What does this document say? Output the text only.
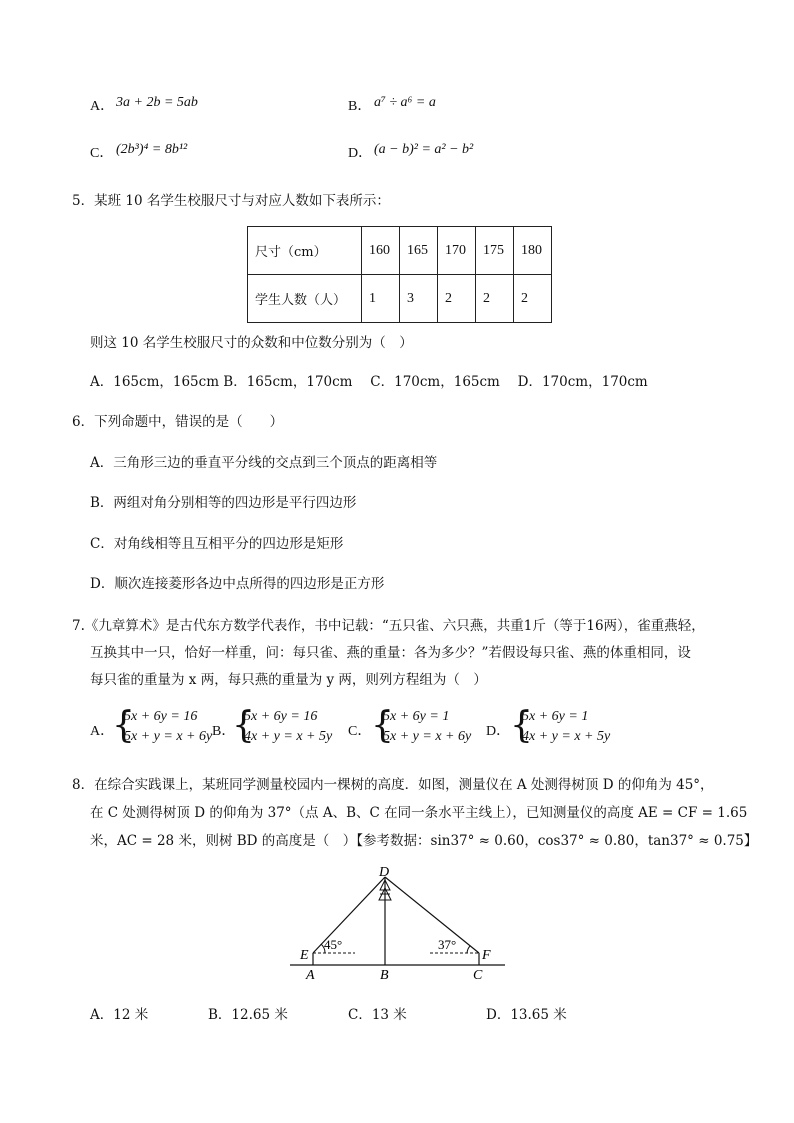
A． 3a + 2b = 5ab	B． a⁷ ÷ a⁶ = a
C． (2b³)⁴ = 8b¹²	D． (a − b)² = a² − b²
5．某班 10 名学生校服尺寸与对应人数如下表所示：
尺寸（cm）	160	165	170	175	180
学生人数（人）	1	3	2	2	2
则这 10 名学生校服尺寸的众数和中位数分别为（　）
A．165cm，165cm B．165cm，170cm　 C．170cm，165cm　 D．170cm，170cm
6．下列命题中，错误的是（　　）
A．三角形三边的垂直平分线的交点到三个顶点的距离相等
B．两组对角分别相等的四边形是平行四边形
C．对角线相等且互相平分的四边形是矩形
D．顺次连接菱形各边中点所得的四边形是正方形
7.《九章算术》是古代东方数学代表作，书中记载：“五只雀、六只燕，共重1斤（等于16两），雀重燕轻，
互换其中一只，恰好一样重，问：每只雀、燕的重量：各为多少？”若假设每只雀、燕的体重相同，设
每只雀的重量为 x 两，每只燕的重量为 y 两，则列方程组为（　）
A．
{
5x + 6y = 16
5x + y = x + 6y B．
{
5x + 6y = 16
4x + y = x + 5y C． {
5x + 6y = 1
5x + y = x + 6y D． {
5x + 6y = 1
4x + y = x + 5y
8．在综合实践课上，某班同学测量校园内一棵树的高度．如图，测量仪在 A 处测得树顶 D 的仰角为 45°，
在 C 处测得树顶 D 的仰角为 37°（点 A、B、C 在同一条水平主线上），已知测量仪的高度 AE = CF = 1.65
米，AC = 28 米，则树 BD 的高度是（　）【参考数据：sin37° ≈ 0.60，cos37° ≈ 0.80，tan37° ≈ 0.75】
D
E	F
A	B	C
45°	37°
A．12 米	B．12.65 米	C．13 米	D．13.65 米
